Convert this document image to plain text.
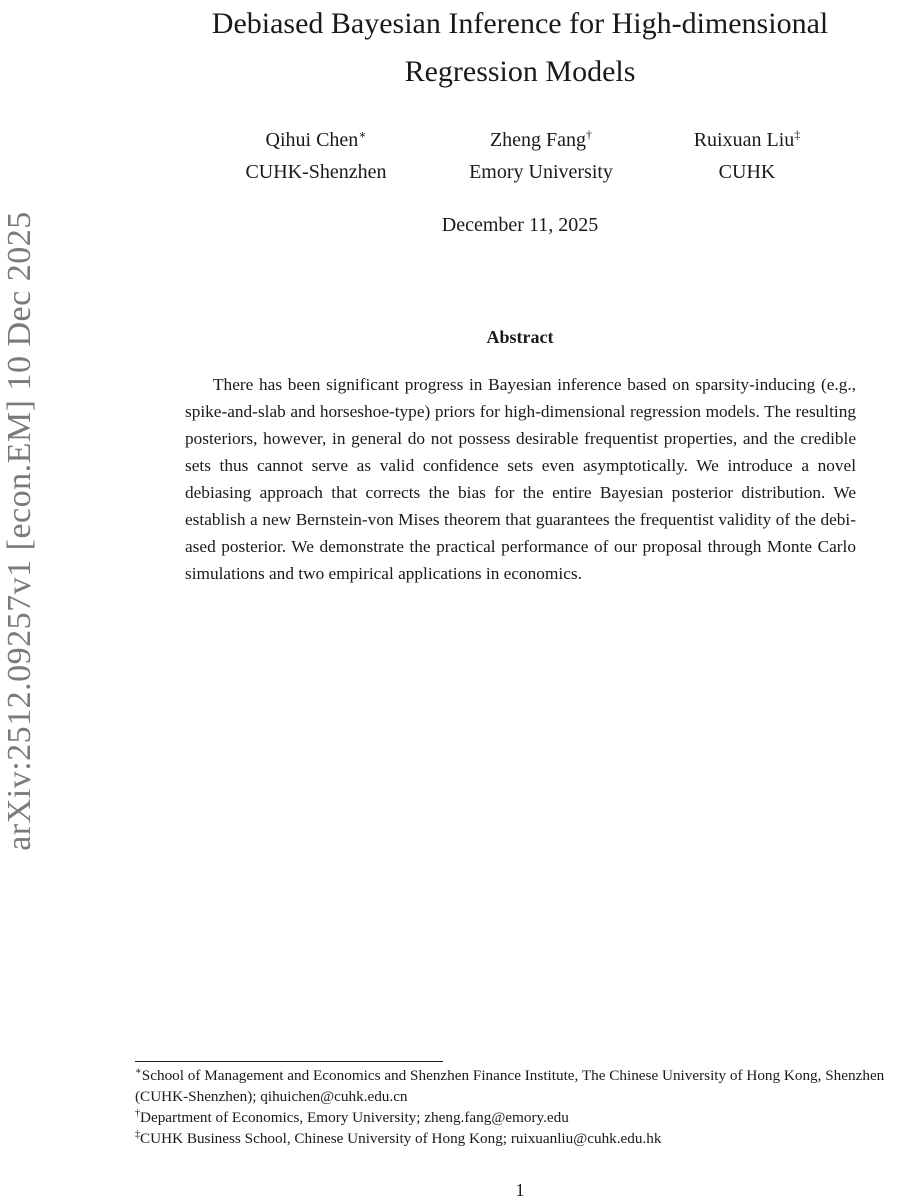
arXiv:2512.09257v1 [econ.EM] 10 Dec 2025
Debiased Bayesian Inference for High-dimensional
Regression Models
Qihui Chen∗
CUHK-Shenzhen
Zheng Fang†
Emory University
Ruixuan Liu‡
CUHK
December 11, 2025
Abstract

There has been significant progress in Bayesian inference based on sparsity-inducing (e.g., spike-and-slab and horseshoe-type) priors for high-dimensional regression models. The resulting posteriors, however, in general do not possess desirable frequentist properties, and the credible sets thus cannot serve as valid confidence sets even asymptotically. We introduce a novel debiasing approach that corrects the bias for the entire Bayesian posterior distribution. We establish a new Bernstein-von Mises theorem that guarantees the frequentist validity of the debiased posterior. We demonstrate the practical performance of our proposal through Monte Carlo simulations and two empirical applications in economics.

∗School of Management and Economics and Shenzhen Finance Institute, The Chinese University of Hong Kong, Shenzhen (CUHK-Shenzhen); qihuichen@cuhk.edu.cn

†Department of Economics, Emory University; zheng.fang@emory.edu

‡CUHK Business School, Chinese University of Hong Kong; ruixuanliu@cuhk.edu.hk

1
